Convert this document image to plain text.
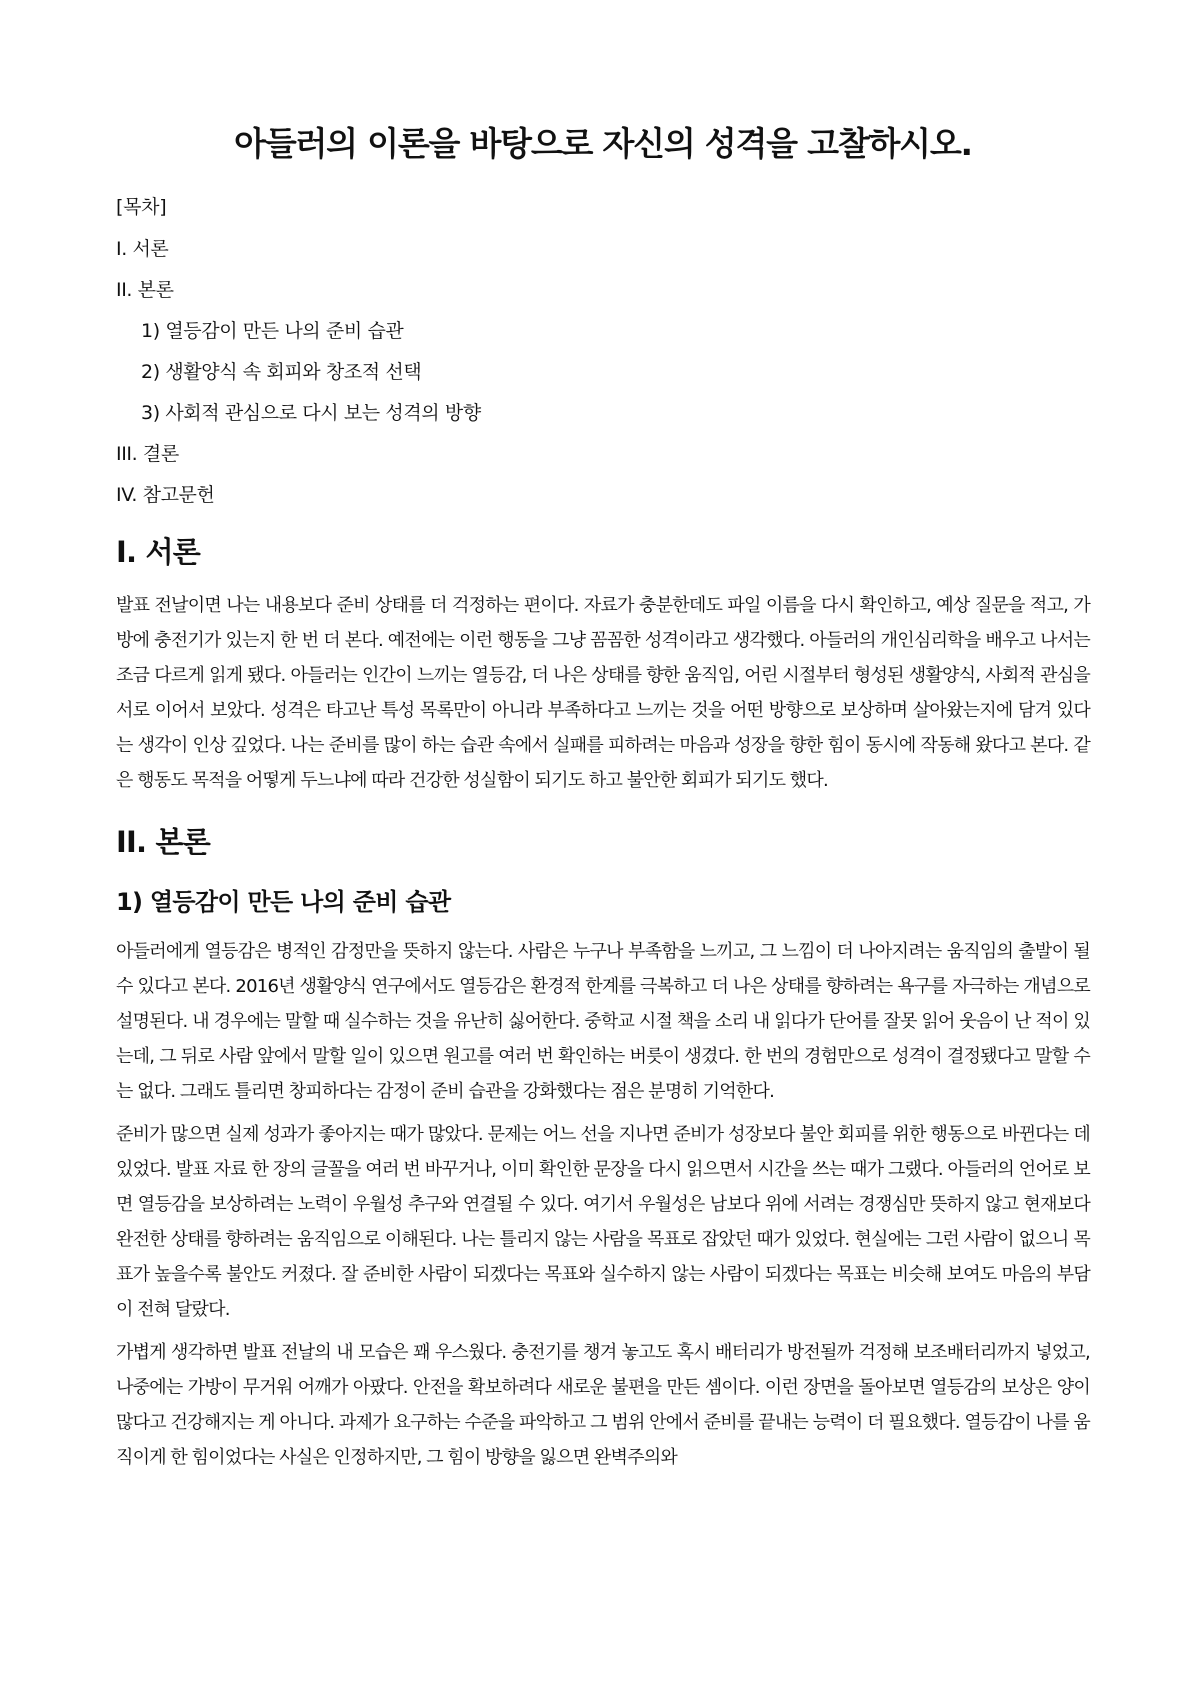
아들러의 이론을 바탕으로 자신의 성격을 고찰하시오.
[목차]
I. 서론
II. 본론
1) 열등감이 만든 나의 준비 습관
2) 생활양식 속 회피와 창조적 선택
3) 사회적 관심으로 다시 보는 성격의 방향
III. 결론
IV. 참고문헌
I. 서론

발표 전날이면 나는 내용보다 준비 상태를 더 걱정하는 편이다. 자료가 충분한데도 파일 이름을 다시 확인하고, 예상 질문을 적고, 가방에 충전기가 있는지 한 번 더 본다. 예전에는 이런 행동을 그냥 꼼꼼한 성격이라고 생각했다. 아들러의 개인심리학을 배우고 나서는 조금 다르게 읽게 됐다. 아들러는 인간이 느끼는 열등감, 더 나은 상태를 향한 움직임, 어린 시절부터 형성된 생활양식, 사회적 관심을 서로 이어서 보았다. 성격은 타고난 특성 목록만이 아니라 부족하다고 느끼는 것을 어떤 방향으로 보상하며 살아왔는지에 담겨 있다는 생각이 인상 깊었다. 나는 준비를 많이 하는 습관 속에서 실패를 피하려는 마음과 성장을 향한 힘이 동시에 작동해 왔다고 본다. 같은 행동도 목적을 어떻게 두느냐에 따라 건강한 성실함이 되기도 하고 불안한 회피가 되기도 했다.

II. 본론
1) 열등감이 만든 나의 준비 습관

아들러에게 열등감은 병적인 감정만을 뜻하지 않는다. 사람은 누구나 부족함을 느끼고, 그 느낌이 더 나아지려는 움직임의 출발이 될 수 있다고 본다. 2016년 생활양식 연구에서도 열등감은 환경적 한계를 극복하고 더 나은 상태를 향하려는 욕구를 자극하는 개념으로 설명된다. 내 경우에는 말할 때 실수하는 것을 유난히 싫어한다. 중학교 시절 책을 소리 내 읽다가 단어를 잘못 읽어 웃음이 난 적이 있는데, 그 뒤로 사람 앞에서 말할 일이 있으면 원고를 여러 번 확인하는 버릇이 생겼다. 한 번의 경험만으로 성격이 결정됐다고 말할 수는 없다. 그래도 틀리면 창피하다는 감정이 준비 습관을 강화했다는 점은 분명히 기억한다.

준비가 많으면 실제 성과가 좋아지는 때가 많았다. 문제는 어느 선을 지나면 준비가 성장보다 불안 회피를 위한 행동으로 바뀐다는 데 있었다. 발표 자료 한 장의 글꼴을 여러 번 바꾸거나, 이미 확인한 문장을 다시 읽으면서 시간을 쓰는 때가 그랬다. 아들러의 언어로 보면 열등감을 보상하려는 노력이 우월성 추구와 연결될 수 있다. 여기서 우월성은 남보다 위에 서려는 경쟁심만 뜻하지 않고 현재보다 완전한 상태를 향하려는 움직임으로 이해된다. 나는 틀리지 않는 사람을 목표로 잡았던 때가 있었다. 현실에는 그런 사람이 없으니 목표가 높을수록 불안도 커졌다. 잘 준비한 사람이 되겠다는 목표와 실수하지 않는 사람이 되겠다는 목표는 비슷해 보여도 마음의 부담이 전혀 달랐다.

가볍게 생각하면 발표 전날의 내 모습은 꽤 우스웠다. 충전기를 챙겨 놓고도 혹시 배터리가 방전될까 걱정해 보조배터리까지 넣었고, 나중에는 가방이 무거워 어깨가 아팠다. 안전을 확보하려다 새로운 불편을 만든 셈이다. 이런 장면을 돌아보면 열등감의 보상은 양이 많다고 건강해지는 게 아니다. 과제가 요구하는 수준을 파악하고 그 범위 안에서 준비를 끝내는 능력이 더 필요했다. 열등감이 나를 움직이게 한 힘이었다는 사실은 인정하지만, 그 힘이 방향을 잃으면 완벽주의와
